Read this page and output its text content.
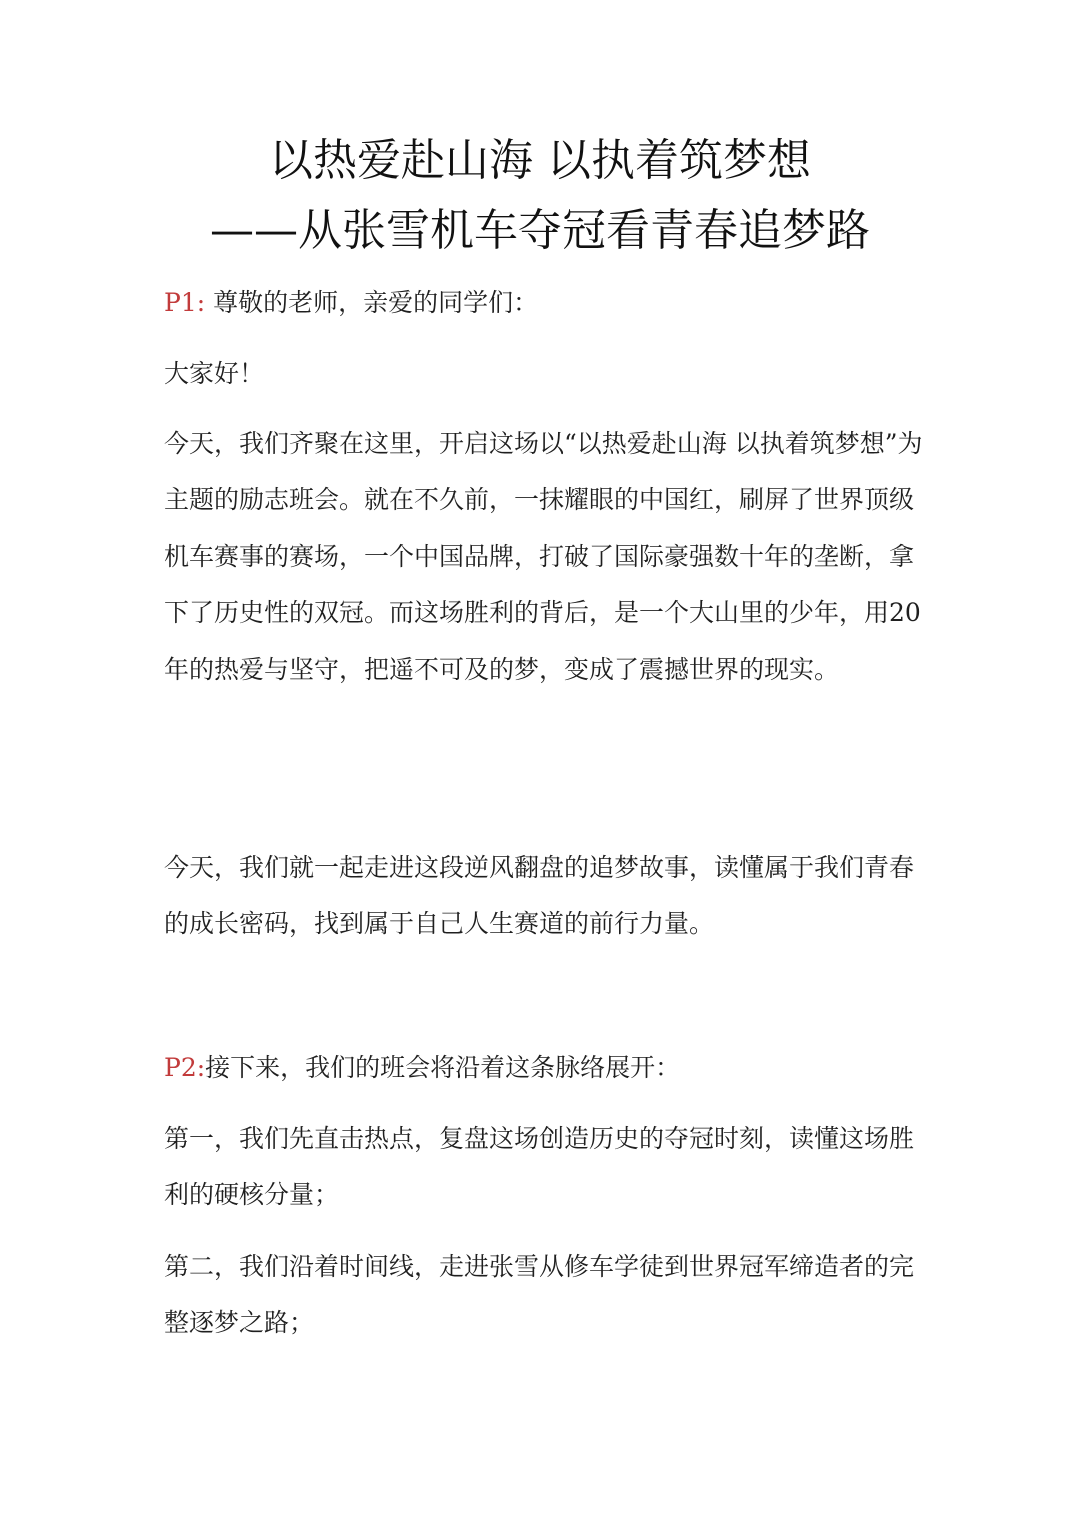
以热爱赴山海 以执着筑梦想
——从张雪机车夺冠看青春追梦路

P1: 尊敬的老师，亲爱的同学们：

大家好！

今天，我们齐聚在这里，开启这场以“以热爱赴山海 以执着筑梦想”为主题的励志班会。就在不久前，一抹耀眼的中国红，刷屏了世界顶级机车赛事的赛场，一个中国品牌，打破了国际豪强数十年的垄断，拿下了历史性的双冠。而这场胜利的背后，是一个大山里的少年，用20年的热爱与坚守，把遥不可及的梦，变成了震撼世界的现实。

今天，我们就一起走进这段逆风翻盘的追梦故事，读懂属于我们青春的成长密码，找到属于自己人生赛道的前行力量。

P2:接下来，我们的班会将沿着这条脉络展开：

第一，我们先直击热点，复盘这场创造历史的夺冠时刻，读懂这场胜利的硬核分量；

第二，我们沿着时间线，走进张雪从修车学徒到世界冠军缔造者的完整逐梦之路；
